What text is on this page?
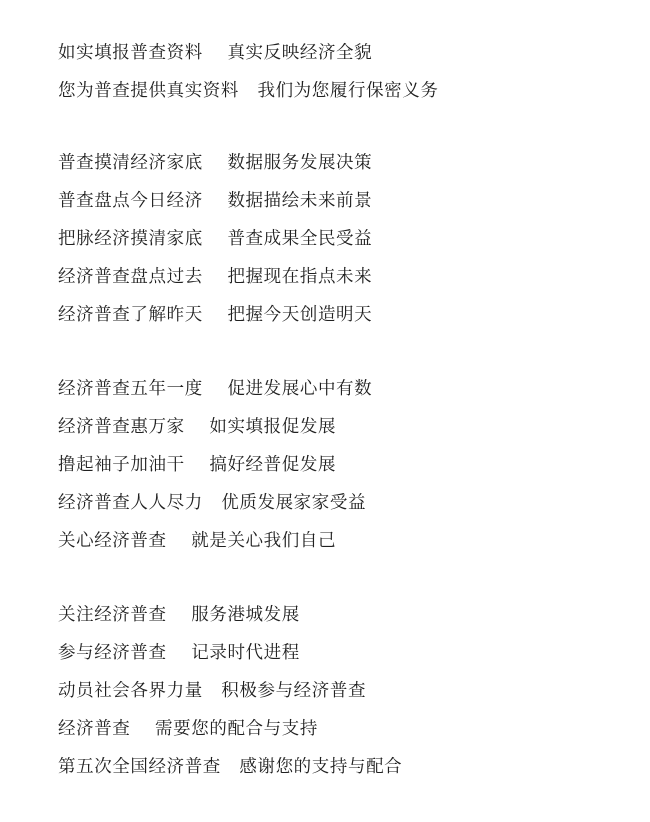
如实填报普查资料    真实反映经济全貌
您为普查提供真实资料   我们为您履行保密义务
普查摸清经济家底    数据服务发展决策
普查盘点今日经济    数据描绘未来前景
把脉经济摸清家底    普查成果全民受益
经济普查盘点过去    把握现在指点未来
经济普查了解昨天    把握今天创造明天
经济普查五年一度    促进发展心中有数
经济普查惠万家    如实填报促发展
撸起袖子加油干    搞好经普促发展
经济普查人人尽力   优质发展家家受益
关心经济普查    就是关心我们自己
关注经济普查    服务港城发展
参与经济普查    记录时代进程
动员社会各界力量   积极参与经济普查
经济普查    需要您的配合与支持
第五次全国经济普查   感谢您的支持与配合
